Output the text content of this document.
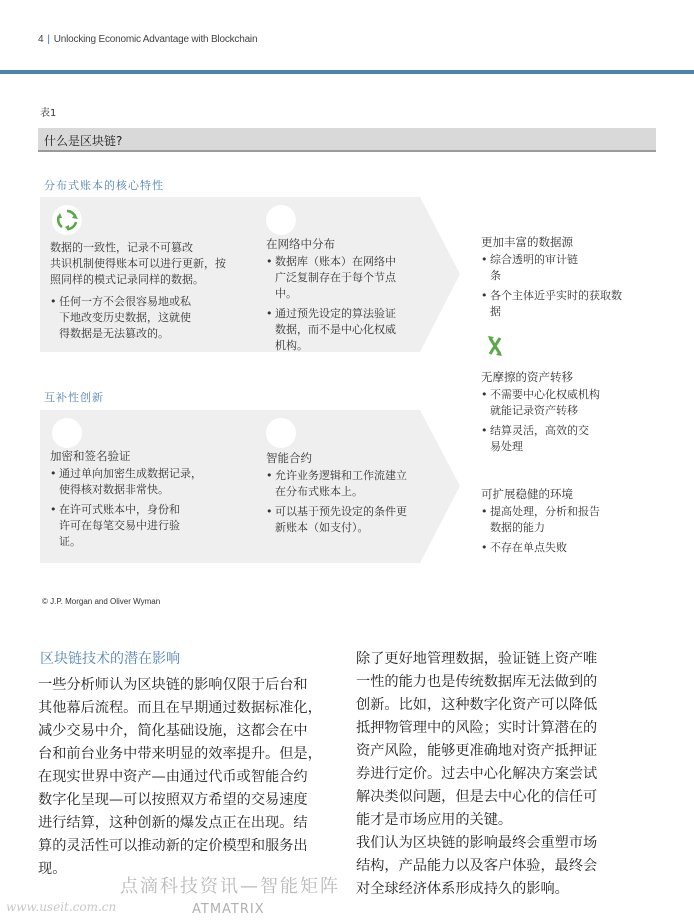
4 | Unlocking Economic Advantage with Blockchain
表1
什么是区块链?
分布式账本的核心特性
数据的一致性，记录不可篡改
共识机制使得账本可以进行更新，按
照同样的模式记录同样的数据。
• 任何一方不会很容易地或私
下地改变历史数据，这就使
得数据是无法篡改的。
在网络中分布
• 数据库（账本）在网络中
广泛复制存在于每个节点
中。
• 通过预先设定的算法验证
数据，而不是中心化权威
机构。
更加丰富的数据源
• 综合透明的审计链
条
• 各个主体近乎实时的获取数
据
无摩擦的资产转移
• 不需要中心化权威机构
就能记录资产转移
• 结算灵活，高效的交
易处理
互补性创新
加密和签名验证
• 通过单向加密生成数据记录，
使得核对数据非常快。
• 在许可式账本中，身份和
许可在每笔交易中进行验
证。
智能合约
• 允许业务逻辑和工作流建立
在分布式账本上。
• 可以基于预先设定的条件更
新账本（如支付）。
可扩展稳健的环境
• 提高处理，分析和报告
数据的能力
• 不存在单点失败
© J.P. Morgan and Oliver Wyman
区块链技术的潜在影响
一些分析师认为区块链的影响仅限于后台和
其他幕后流程。而且在早期通过数据标准化，
减少交易中介，简化基础设施，这都会在中
台和前台业务中带来明显的效率提升。但是，
在现实世界中资产—由通过代币或智能合约
数字化呈现—可以按照双方希望的交易速度
进行结算，这种创新的爆发点正在出现。结
算的灵活性可以推动新的定价模型和服务出
现。
除了更好地管理数据，验证链上资产唯
一性的能力也是传统数据库无法做到的
创新。比如，这种数字化资产可以降低
抵押物管理中的风险；实时计算潜在的
资产风险，能够更准确地对资产抵押证
券进行定价。过去中心化解决方案尝试
解决类似问题，但是去中心化的信任可
能才是市场应用的关键。
我们认为区块链的影响最终会重塑市场
结构，产品能力以及客户体验，最终会
对全球经济体系形成持久的影响。
点滴科技资讯—智能矩阵
www.useit.com.cn	ATMATRIX
